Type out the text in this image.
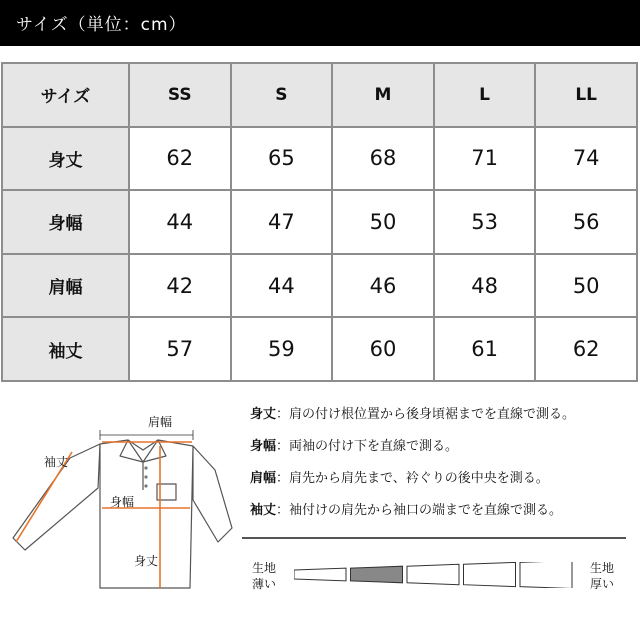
サイズ（単位：cm）
サイズ	SS	S	M	L	LL
身丈	62	65	68	71	74
身幅	44	47	50	53	56
肩幅	42	44	46	48	50
袖丈	57	59	60	61	62
肩幅
袖丈
身幅
身丈
身丈：肩の付け根位置から後身頃裾までを直線で測る。
身幅：両袖の付け下を直線で測る。
肩幅：肩先から肩先まで、衿ぐりの後中央を測る。
袖丈：袖付けの肩先から袖口の端までを直線で測る。
生地
薄い
生地
厚い
